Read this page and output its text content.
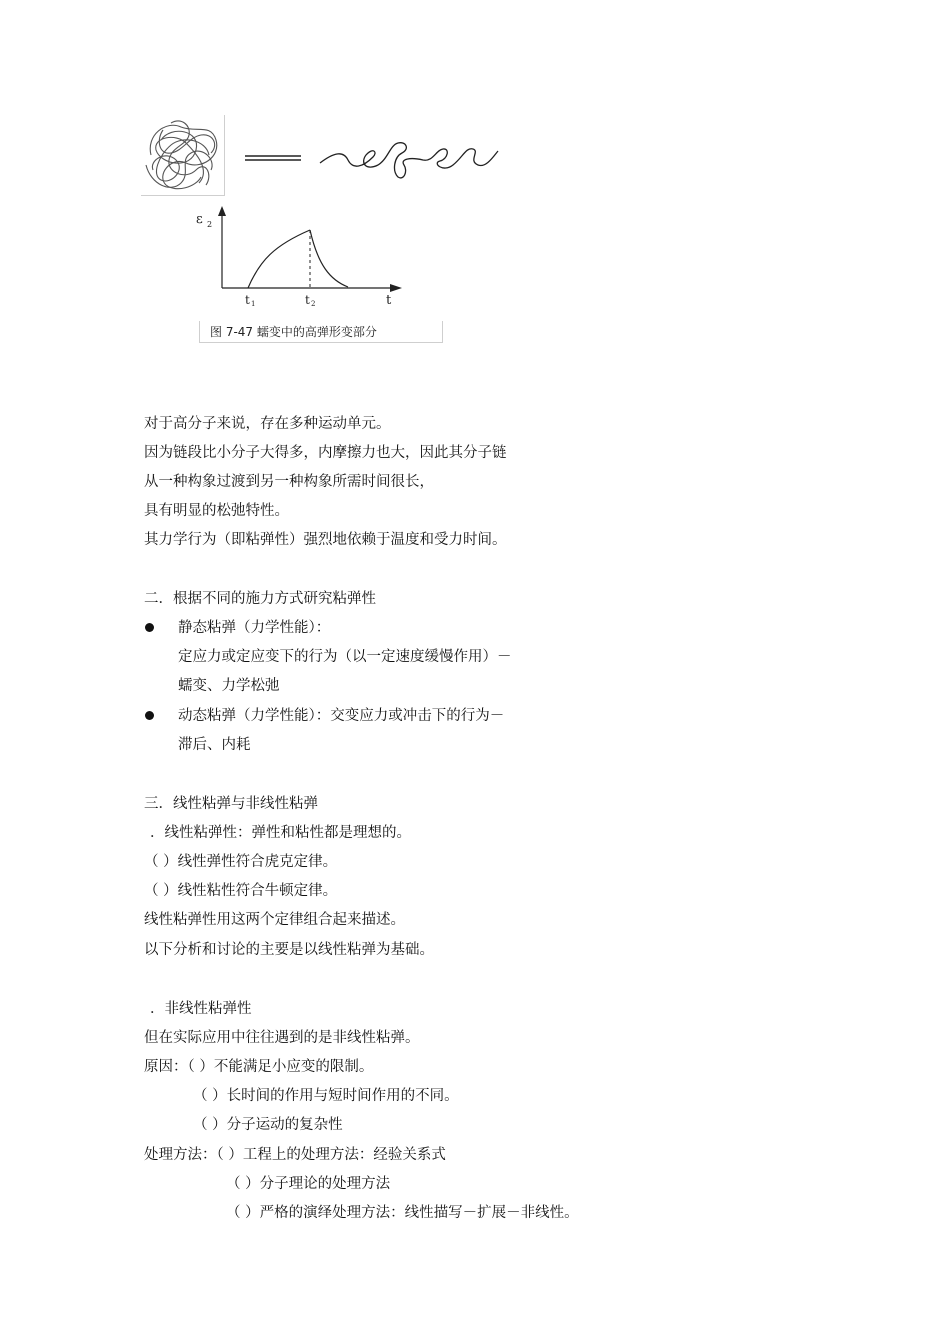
ε 2
t 1	t 2	t
图 7-47 蠕变中的高弹形变部分
对于高分子来说，存在多种运动单元。
因为链段比小分子大得多，内摩擦力也大，因此其分子链
从一种构象过渡到另一种构象所需时间很长，
具有明显的松弛特性。
其力学行为（即粘弹性）强烈地依赖于温度和受力时间。
二．根据不同的施力方式研究粘弹性
静态粘弹（力学性能）：
定应力或定应变下的行为（以一定速度缓慢作用）－
蠕变、力学松弛
动态粘弹（力学性能）：交变应力或冲击下的行为－
滞后、内耗
三．线性粘弹与非线性粘弹
．线性粘弹性：弹性和粘性都是理想的。
（ ）线性弹性符合虎克定律。
（ ）线性粘性符合牛顿定律。
线性粘弹性用这两个定律组合起来描述。
以下分析和讨论的主要是以线性粘弹为基础。
．非线性粘弹性
但在实际应用中往往遇到的是非线性粘弹。
原因：（ ）不能满足小应变的限制。
（ ）长时间的作用与短时间作用的不同。
（ ）分子运动的复杂性
处理方法：（ ）工程上的处理方法：经验关系式
（ ）分子理论的处理方法
（ ）严格的演绎处理方法：线性描写－扩展－非线性。
